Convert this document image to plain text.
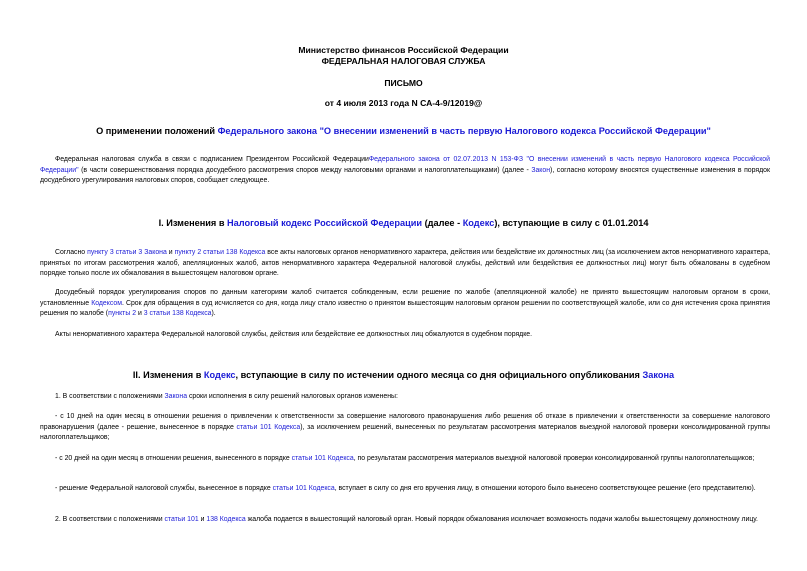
Министерство финансов Российской Федерации
ФЕДЕРАЛЬНАЯ НАЛОГОВАЯ СЛУЖБА
ПИСЬМО
от 4 июля 2013 года N СА-4-9/12019@
О применении положений Федерального закона "О внесении изменений в часть первую Налогового кодекса Российской Федерации"
Федеральная налоговая служба в связи с подписанием Президентом Российской ФедерацииФедерального закона от 02.07.2013 N 153-ФЗ "О внесении изменений в часть первую Налогового кодекса Российской Федерации" (в части совершенствования порядка досудебного рассмотрения споров между налоговыми органами и налогоплательщиками) (далее - Закон), согласно которому вносятся существенные изменения в порядок досудебного урегулирования налоговых споров, сообщает следующее.
I. Изменения в Налоговый кодекс Российской Федерации (далее - Кодекс), вступающие в силу с 01.01.2014
Согласно пункту 3 статьи 3 Закона и пункту 2 статьи 138 Кодекса все акты налоговых органов ненормативного характера, действия или бездействие их должностных лиц (за исключением актов ненормативного характера, принятых по итогам рассмотрения жалоб, апелляционных жалоб, актов ненормативного характера Федеральной налоговой службы, действий или бездействия ее должностных лиц) могут быть обжалованы в судебном порядке только после их обжалования в вышестоящем налоговом органе.
Досудебный порядок урегулирования споров по данным категориям жалоб считается соблюденным, если решение по жалобе (апелляционной жалобе) не принято вышестоящим налоговым органом в сроки, установленные Кодексом. Срок для обращения в суд исчисляется со дня, когда лицу стало известно о принятом вышестоящим налоговым органом решении по соответствующей жалобе, или со дня истечения срока принятия решения по жалобе (пункты 2 и 3 статьи 138 Кодекса).
Акты ненормативного характера Федеральной налоговой службы, действия или бездействие ее должностных лиц обжалуются в судебном порядке.
II. Изменения в Кодекс, вступающие в силу по истечении одного месяца со дня официального опубликования Закона
1. В соответствии с положениями Закона сроки исполнения в силу решений налоговых органов изменены:
- с 10 дней на один месяц в отношении решения о привлечении к ответственности за совершение налогового правонарушения либо решения об отказе в привлечении к ответственности за совершение налогового правонарушения (далее - решение, вынесенное в порядке статьи 101 Кодекса), за исключением решений, вынесенных по результатам рассмотрения материалов выездной налоговой проверки консолидированной группы налогоплательщиков;
- с 20 дней на один месяц в отношении решения, вынесенного в порядке статьи 101 Кодекса, по результатам рассмотрения материалов выездной налоговой проверки консолидированной группы налогоплательщиков;
- решение Федеральной налоговой службы, вынесенное в порядке статьи 101 Кодекса, вступает в силу со дня его вручения лицу, в отношении которого было вынесено соответствующее решение (его представителю).
2. В соответствии с положениями статьи 101 и 138 Кодекса жалоба подается в вышестоящий налоговый орган. Новый порядок обжалования исключает возможность подачи жалобы вышестоящему должностному лицу.
